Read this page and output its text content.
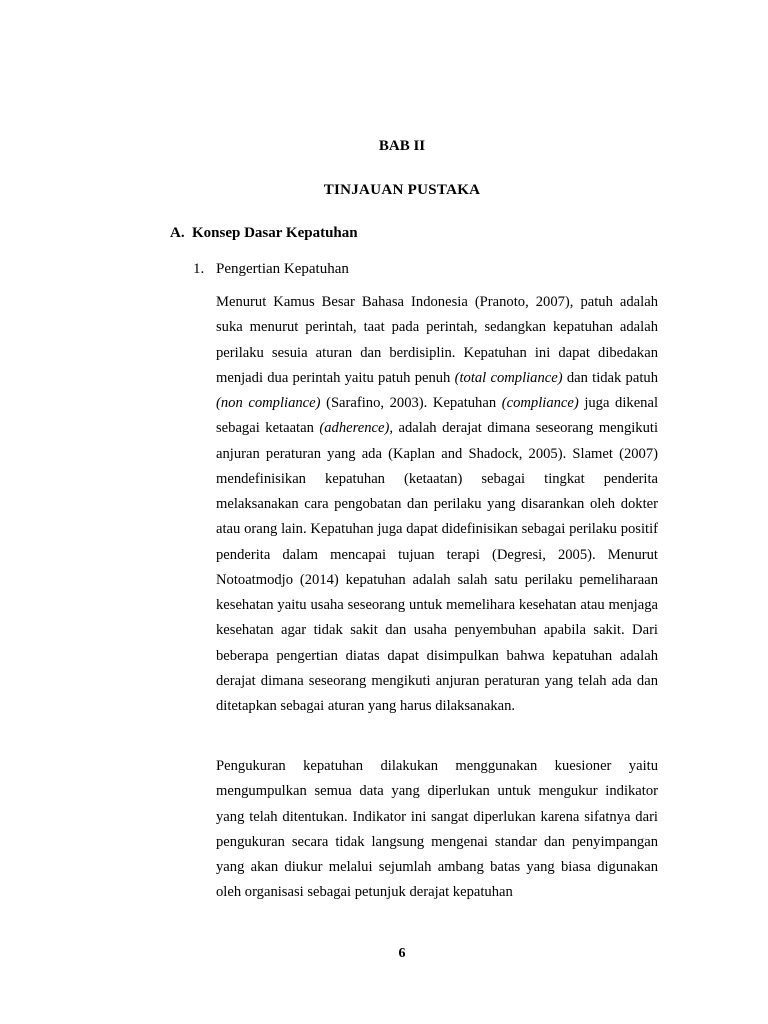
BAB II
TINJAUAN PUSTAKA
A. Konsep Dasar Kepatuhan
1. Pengertian Kepatuhan

Menurut Kamus Besar Bahasa Indonesia (Pranoto, 2007), patuh adalah suka menurut perintah, taat pada perintah, sedangkan kepatuhan adalah perilaku sesuia aturan dan berdisiplin. Kepatuhan ini dapat dibedakan menjadi dua perintah yaitu patuh penuh (total compliance) dan tidak patuh (non compliance) (Sarafino, 2003). Kepatuhan (compliance) juga dikenal sebagai ketaatan (adherence), adalah derajat dimana seseorang mengikuti anjuran peraturan yang ada (Kaplan and Shadock, 2005). Slamet (2007) mendefinisikan kepatuhan (ketaatan) sebagai tingkat penderita melaksanakan cara pengobatan dan perilaku yang disarankan oleh dokter atau orang lain. Kepatuhan juga dapat didefinisikan sebagai perilaku positif penderita dalam mencapai tujuan terapi (Degresi, 2005). Menurut Notoatmodjo (2014) kepatuhan adalah salah satu perilaku pemeliharaan kesehatan yaitu usaha seseorang untuk memelihara kesehatan atau menjaga kesehatan agar tidak sakit dan usaha penyembuhan apabila sakit. Dari beberapa pengertian diatas dapat disimpulkan bahwa kepatuhan adalah derajat dimana seseorang mengikuti anjuran peraturan yang telah ada dan ditetapkan sebagai aturan yang harus dilaksanakan.

Pengukuran kepatuhan dilakukan menggunakan kuesioner yaitu mengumpulkan semua data yang diperlukan untuk mengukur indikator yang telah ditentukan. Indikator ini sangat diperlukan karena sifatnya dari pengukuran secara tidak langsung mengenai standar dan penyimpangan yang akan diukur melalui sejumlah ambang batas yang biasa digunakan oleh organisasi sebagai petunjuk derajat kepatuhan

6
